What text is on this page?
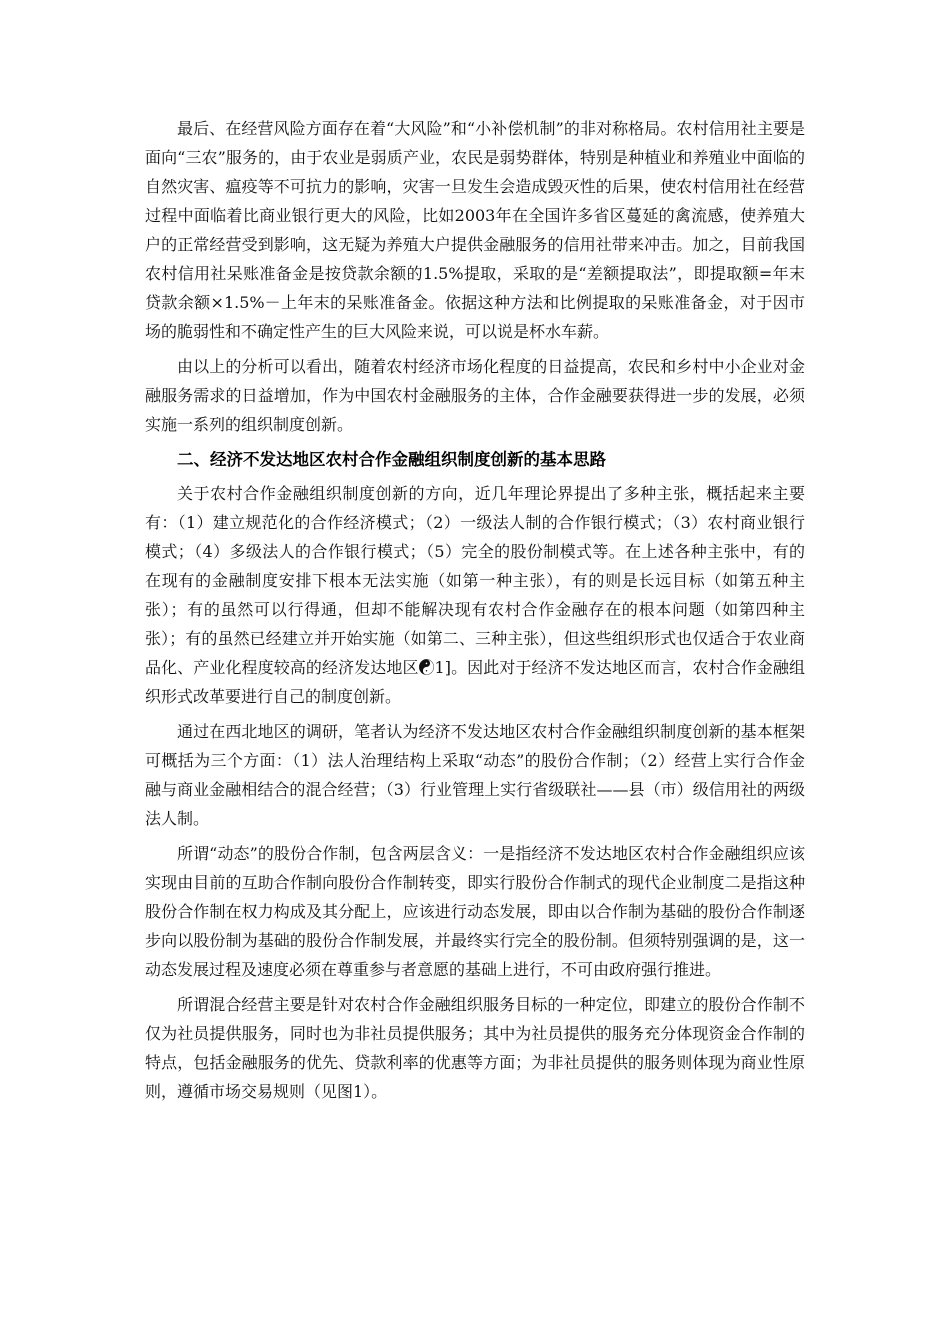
最后、在经营风险方面存在着“大风险”和“小补偿机制”的非对称格局。农村信用社主要是面向“三农”服务的，由于农业是弱质产业，农民是弱势群体，特别是种植业和养殖业中面临的自然灾害、瘟疫等不可抗力的影响，灾害一旦发生会造成毁灭性的后果，使农村信用社在经营过程中面临着比商业银行更大的风险，比如2003年在全国许多省区蔓延的禽流感，使养殖大户的正常经营受到影响，这无疑为养殖大户提供金融服务的信用社带来冲击。加之，目前我国农村信用社呆账准备金是按贷款余额的1.5%提取，采取的是“差额提取法”，即提取额=年末贷款余额×1.5%－上年末的呆账准备金。依据这种方法和比例提取的呆账准备金，对于因市场的脆弱性和不确定性产生的巨大风险来说，可以说是杯水车薪。

由以上的分析可以看出，随着农村经济市场化程度的日益提高，农民和乡村中小企业对金融服务需求的日益增加，作为中国农村金融服务的主体，合作金融要获得进一步的发展，必须实施一系列的组织制度创新。

二、经济不发达地区农村合作金融组织制度创新的基本思路

关于农村合作金融组织制度创新的方向，近几年理论界提出了多种主张，概括起来主要有：（1）建立规范化的合作经济模式；（2）一级法人制的合作银行模式；（3）农村商业银行模式；（4）多级法人的合作银行模式；（5）完全的股份制模式等。在上述各种主张中，有的在现有的金融制度安排下根本无法实施（如第一种主张），有的则是长远目标（如第五种主张）；有的虽然可以行得通，但却不能解决现有农村合作金融存在的根本问题（如第四种主张）；有的虽然已经建立并开始实施（如第二、三种主张），但这些组织形式也仅适合于农业商品化、产业化程度较高的经济发达地区☯1]。因此对于经济不发达地区而言，农村合作金融组织形式改革要进行自己的制度创新。

通过在西北地区的调研，笔者认为经济不发达地区农村合作金融组织制度创新的基本框架可概括为三个方面：（1）法人治理结构上采取“动态”的股份合作制；（2）经营上实行合作金融与商业金融相结合的混合经营；（3）行业管理上实行省级联社——县（市）级信用社的两级法人制。

所谓“动态”的股份合作制，包含两层含义：一是指经济不发达地区农村合作金融组织应该实现由目前的互助合作制向股份合作制转变，即实行股份合作制式的现代企业制度二是指这种股份合作制在权力构成及其分配上，应该进行动态发展，即由以合作制为基础的股份合作制逐步向以股份制为基础的股份合作制发展，并最终实行完全的股份制。但须特别强调的是，这一动态发展过程及速度必须在尊重参与者意愿的基础上进行，不可由政府强行推进。

所谓混合经营主要是针对农村合作金融组织服务目标的一种定位，即建立的股份合作制不仅为社员提供服务，同时也为非社员提供服务；其中为社员提供的服务充分体现资金合作制的特点，包括金融服务的优先、贷款利率的优惠等方面；为非社员提供的服务则体现为商业性原则，遵循市场交易规则（见图1）。
